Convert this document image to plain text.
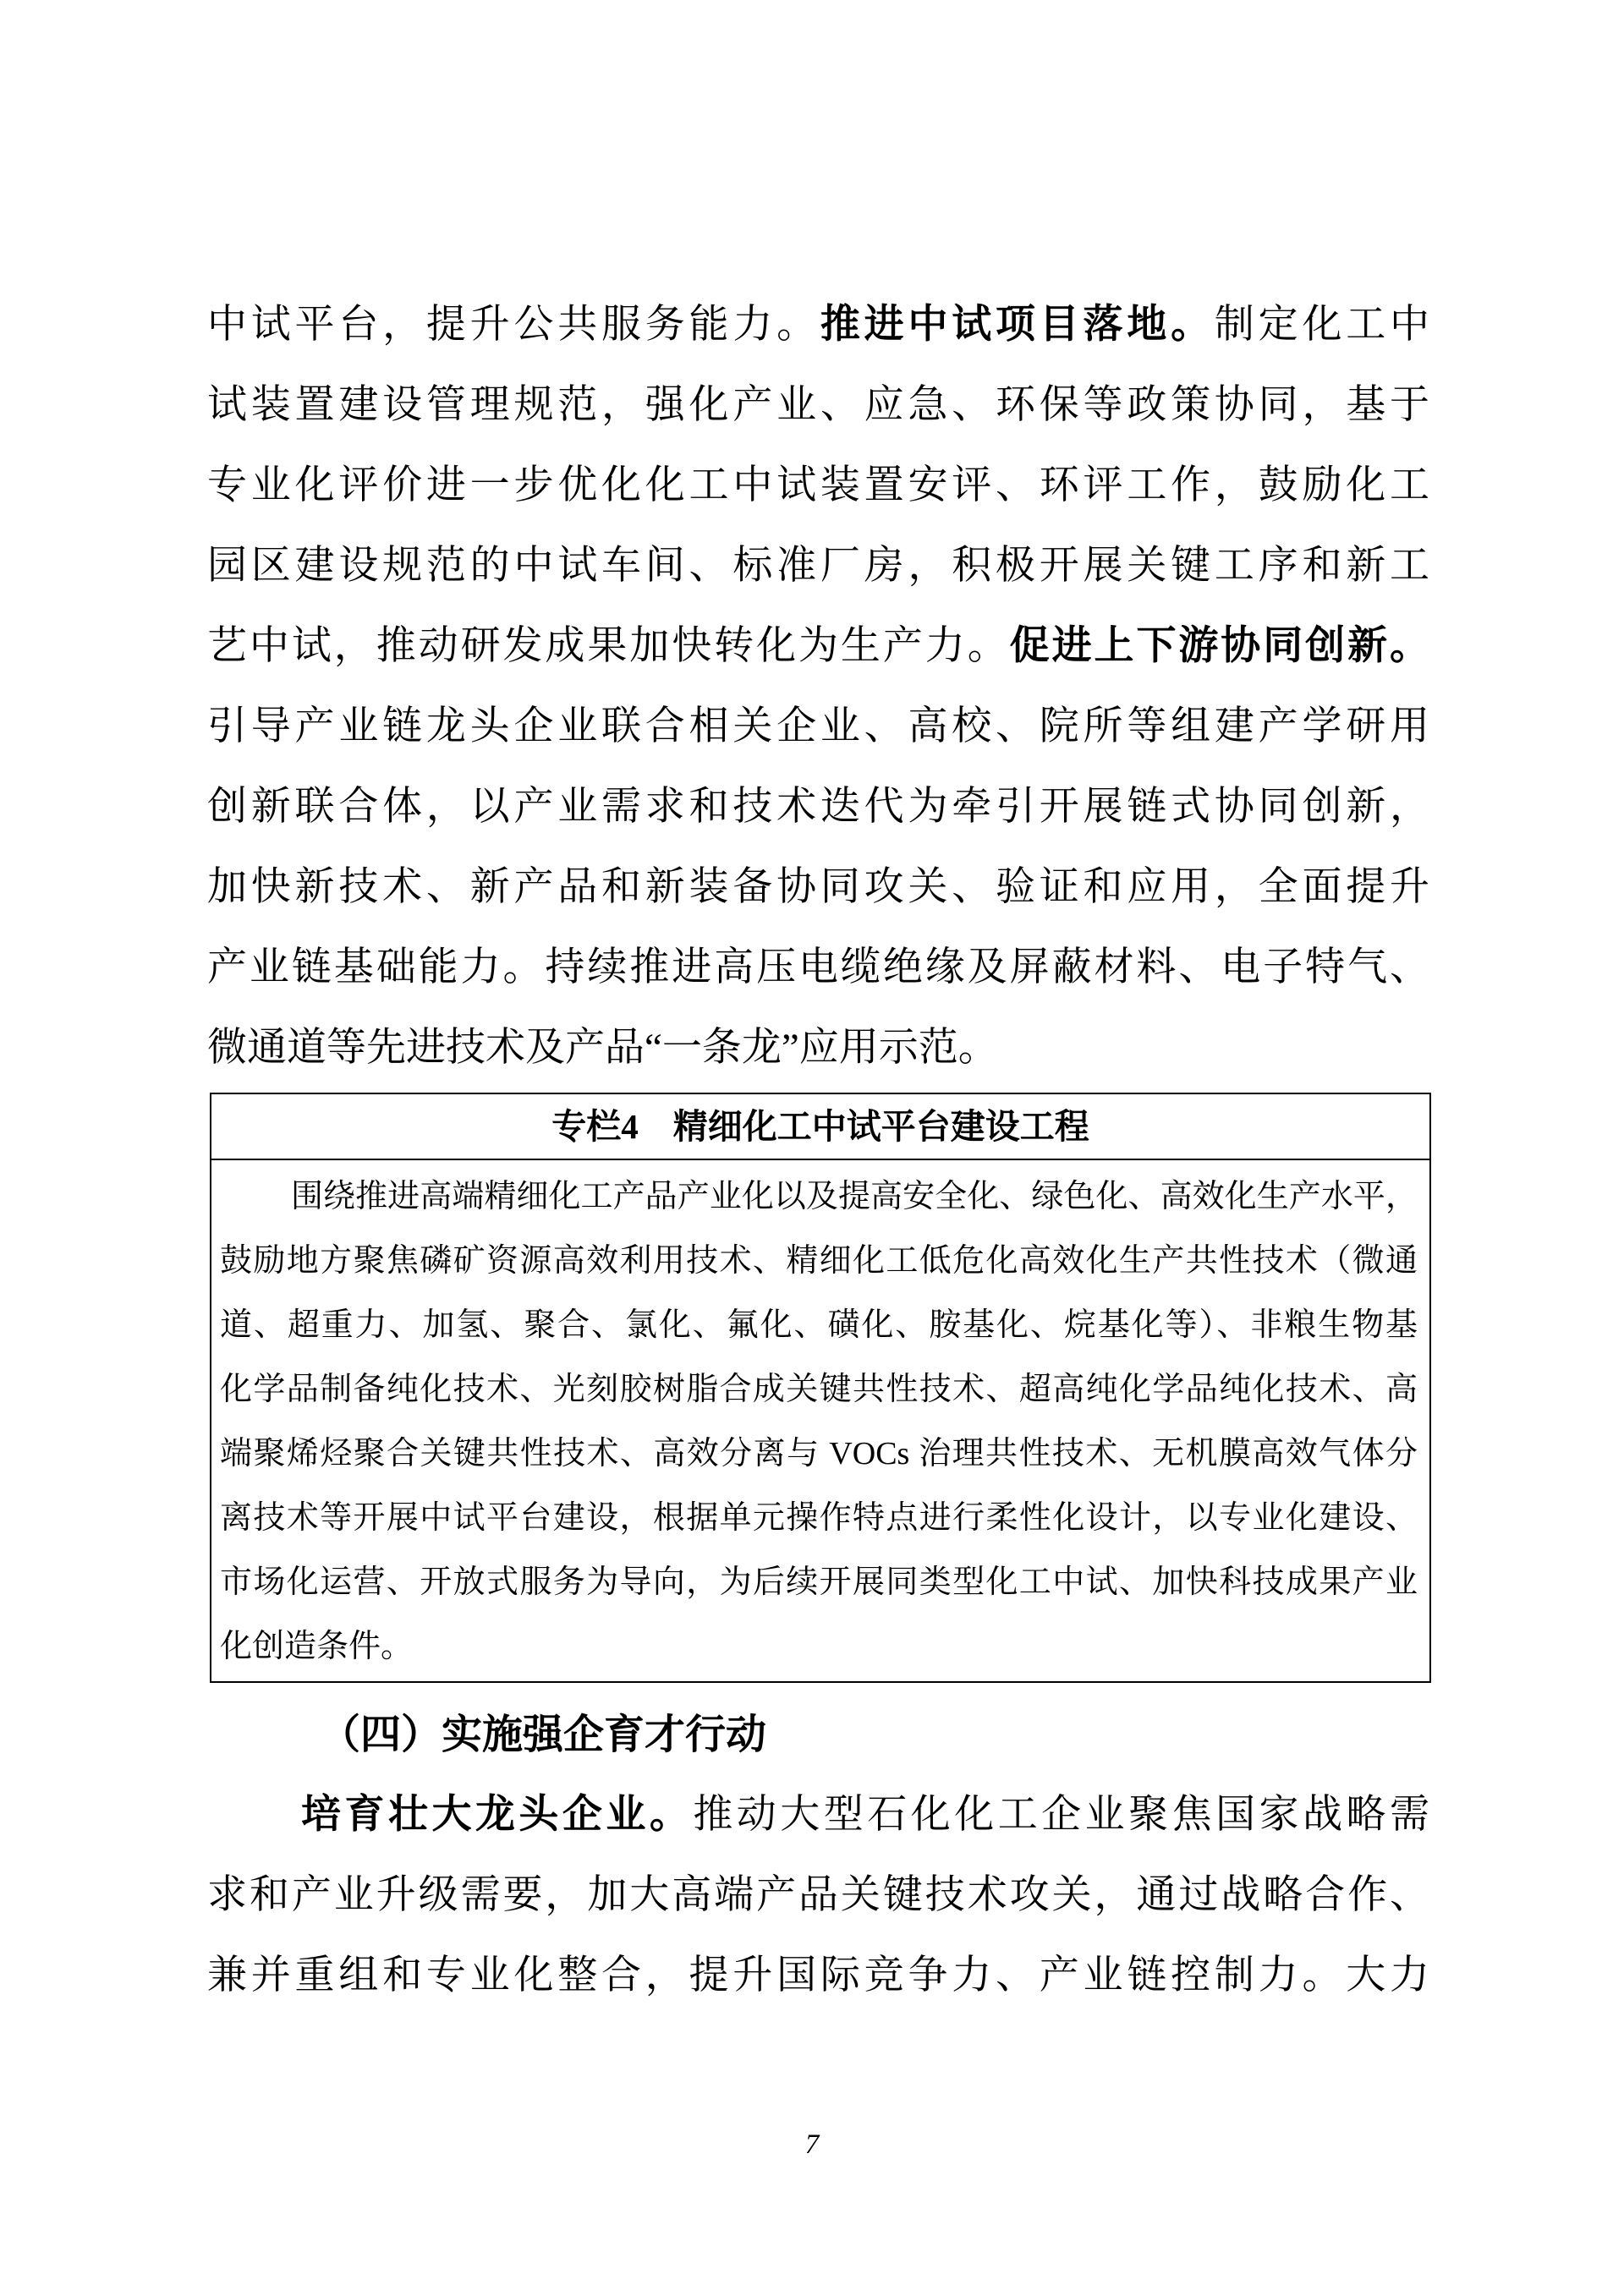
中试平台，提升公共服务能力。推进中试项目落地。制定化工中
试装置建设管理规范，强化产业、应急、环保等政策协同，基于
专业化评价进一步优化化工中试装置安评、环评工作，鼓励化工
园区建设规范的中试车间、标准厂房，积极开展关键工序和新工
艺中试，推动研发成果加快转化为生产力。促进上下游协同创新。
引导产业链龙头企业联合相关企业、高校、院所等组建产学研用
创新联合体，以产业需求和技术迭代为牵引开展链式协同创新，
加快新技术、新产品和新装备协同攻关、验证和应用，全面提升
产业链基础能力。持续推进高压电缆绝缘及屏蔽材料、电子特气、
微通道等先进技术及产品“一条龙”应用示范。
专栏4　精细化工中试平台建设工程
围绕推进高端精细化工产品产业化以及提高安全化、绿色化、高效化生产水平，
鼓励地方聚焦磷矿资源高效利用技术、精细化工低危化高效化生产共性技术（微通
道、超重力、加氢、聚合、氯化、氟化、磺化、胺基化、烷基化等）、非粮生物基
化学品制备纯化技术、光刻胶树脂合成关键共性技术、超高纯化学品纯化技术、高
端聚烯烃聚合关键共性技术、高效分离与 VOCs 治理共性技术、无机膜高效气体分
离技术等开展中试平台建设，根据单元操作特点进行柔性化设计，以专业化建设、
市场化运营、开放式服务为导向，为后续开展同类型化工中试、加快科技成果产业
化创造条件。
（四）实施强企育才行动
培育壮大龙头企业。推动大型石化化工企业聚焦国家战略需
求和产业升级需要，加大高端产品关键技术攻关，通过战略合作、
兼并重组和专业化整合，提升国际竞争力、产业链控制力。大力
7
